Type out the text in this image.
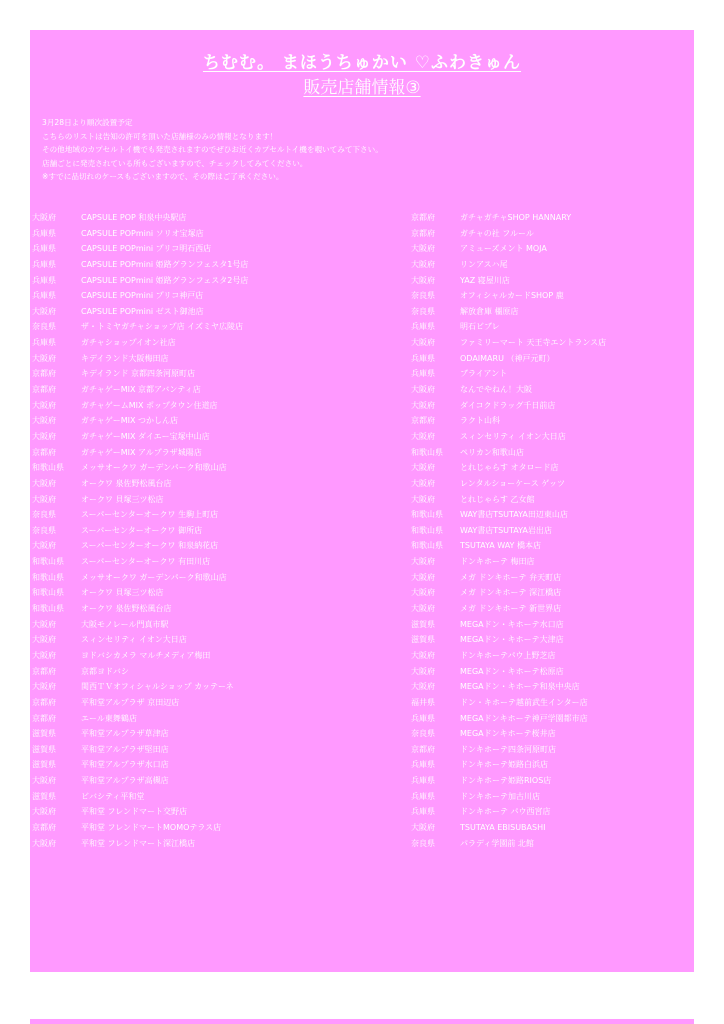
ちむむ。 まほうちゅかい ♡ふわきゅん
販売店舗情報③
3月28日より順次設置予定
こちらのリストは告知の許可を頂いた店舗様のみの情報となります！
その他地域のカプセルトイ機でも発売されますのでぜひお近くカプセルトイ機を覗いてみて下さい。
店舗ごとに発売されている所もございますので、チェックしてみてください。
※すでに品切れのケースもございますので、その際はご了承ください。
大阪府	CAPSULE POP 和泉中央駅店
兵庫県	CAPSULE POPmini ソリオ宝塚店
兵庫県	CAPSULE POPmini プリコ明石西店
兵庫県	CAPSULE POPmini 姫路グランフェスタ1号店
兵庫県	CAPSULE POPmini 姫路グランフェスタ2号店
兵庫県	CAPSULE POPmini プリコ神戸店
大阪府	CAPSULE POPmini ゼスト御池店
奈良県	ザ・トミヤガチャショップ店 イズミヤ広陵店
兵庫県	ガチャショップイオン社店
大阪府	キデイランド大阪梅田店
京都府	キデイランド 京都四条河原町店
京都府	ガチャゲーMIX 京都アバンティ店
大阪府	ガチャゲームMIX ポップタウン住道店
大阪府	ガチャゲーMIX つかしん店
大阪府	ガチャゲーMIX ダイエー宝塚中山店
京都府	ガチャゲーMIX アルプラザ城陽店
和歌山県	メッサオークワ ガーデンパーク和歌山店
大阪府	オークワ 泉佐野松風台店
大阪府	オークワ 貝塚三ツ松店
奈良県	スーパーセンターオークワ 生駒上町店
奈良県	スーパーセンターオークワ 御所店
大阪府	スーパーセンターオークワ 和泉納花店
和歌山県	スーパーセンターオークワ 有田川店
和歌山県	メッサオークワ ガーデンパーク和歌山店
和歌山県	オークワ 貝塚三ツ松店
和歌山県	オークワ 泉佐野松風台店
大阪府	大阪モノレール門真市駅
大阪府	スィンセリティ イオン大日店
大阪府	ヨドバシカメラ マルチメディア梅田
京都府	京都ヨドバシ
大阪府	関西ＴＶオフィシャルショップ カッテーネ
京都府	平和堂アルプラザ 京田辺店
京都府	エール東舞鶴店
滋賀県	平和堂アルプラザ草津店
滋賀県	平和堂アルプラザ堅田店
滋賀県	平和堂アルプラザ水口店
大阪府	平和堂アルプラザ高槻店
滋賀県	ビバシティ平和堂
大阪府	平和堂 フレンドマート交野店
京都府	平和堂 フレンドマートMOMOテラス店
大阪府	平和堂 フレンドマート深江橋店
京都府	ガチャガチャSHOP HANNARY
京都府	ガチャの社 フルール
大阪府	アミューズメント MOJA
大阪府	リンアスハ尾
大阪府	YAZ 寝屋川店
奈良県	オフィシャルカードSHOP 鹿
奈良県	解放倉庫 橿原店
兵庫県	明石ビブレ
大阪府	ファミリーマート 天王寺エントランス店
兵庫県	ODAIMARU （神戸元町）
兵庫県	ブライアント
大阪府	なんでやねん！大阪
大阪府	ダイコクドラッグ千日前店
京都府	ラクト山科
大阪府	スィンセリティ イオン大日店
和歌山県	ペリカン和歌山店
大阪府	とれじゃらす オタロード店
大阪府	レンタルショーケース ゲッツ
大阪府	とれじゃらす 乙女館
和歌山県	WAY書店TSUTAYA田辺東山店
和歌山県	WAY書店TSUTAYA岩出店
和歌山県	TSUTAYA WAY 橋本店
大阪府	ドンキホーテ 梅田店
大阪府	メガ ドンキホーテ 弁天町店
大阪府	メガ ドンキホーテ 深江橋店
大阪府	メガ ドンキホーテ 新世界店
滋賀県	MEGAドン・キホーテ水口店
滋賀県	MEGAドン・キホーテ大津店
大阪府	ドンキホーテパウ上野芝店
大阪府	MEGAドン・キホーテ松原店
大阪府	MEGAドン・キホーテ和泉中央店
福井県	ドン・キホーテ越前武生インター店
兵庫県	MEGAドンキホーテ神戸学園都市店
奈良県	MEGAドンキホーテ桜井店
京都府	ドンキホーテ四条河原町店
兵庫県	ドンキホーテ姫路白浜店
兵庫県	ドンキホーテ姫路RIOS店
兵庫県	ドンキホーテ加古川店
兵庫県	ドンキホーテ パウ西宮店
大阪府	TSUTAYA EBISUBASHI
奈良県	パラディ学園前 北館
